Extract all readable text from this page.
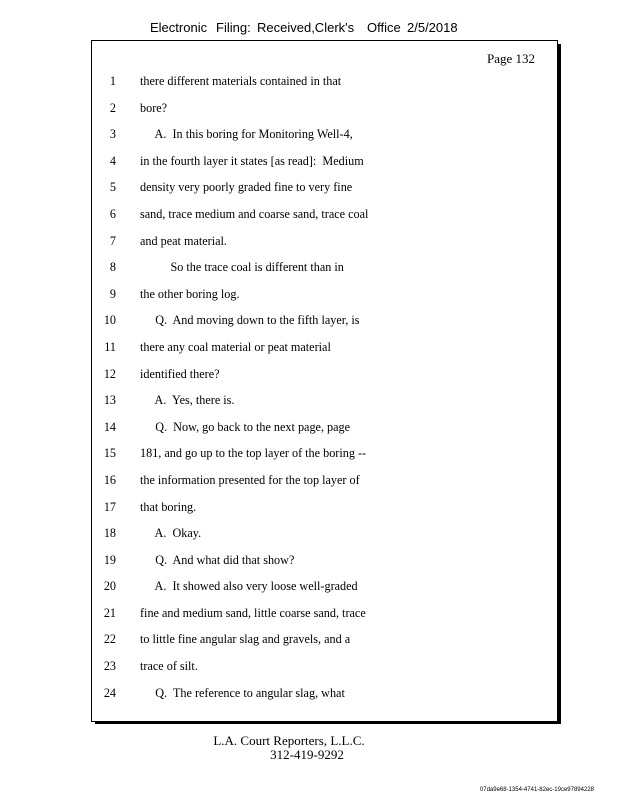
Electronic Filing: Received,Clerk's Office 2/5/2018
Page 132
1 there different materials contained in that
2 bore?
3 A.  In this boring for Monitoring Well-4,
4 in the fourth layer it states [as read]:  Medium
5 density very poorly graded fine to very fine
6 sand, trace medium and coarse sand, trace coal
7 and peat material.
8 So the trace coal is different than in
9 the other boring log.
10 Q.  And moving down to the fifth layer, is
11 there any coal material or peat material
12 identified there?
13 A.  Yes, there is.
14 Q.  Now, go back to the next page, page
15 181, and go up to the top layer of the boring --
16 the information presented for the top layer of
17 that boring.
18 A.  Okay.
19 Q.  And what did that show?
20 A.  It showed also very loose well-graded
21 fine and medium sand, little coarse sand, trace
22 to little fine angular slag and gravels, and a
23 trace of silt.
24 Q.  The reference to angular slag, what
L.A. Court Reporters, L.L.C.
312-419-9292
07da9e68-1354-4741-82ec-19ce97894228
